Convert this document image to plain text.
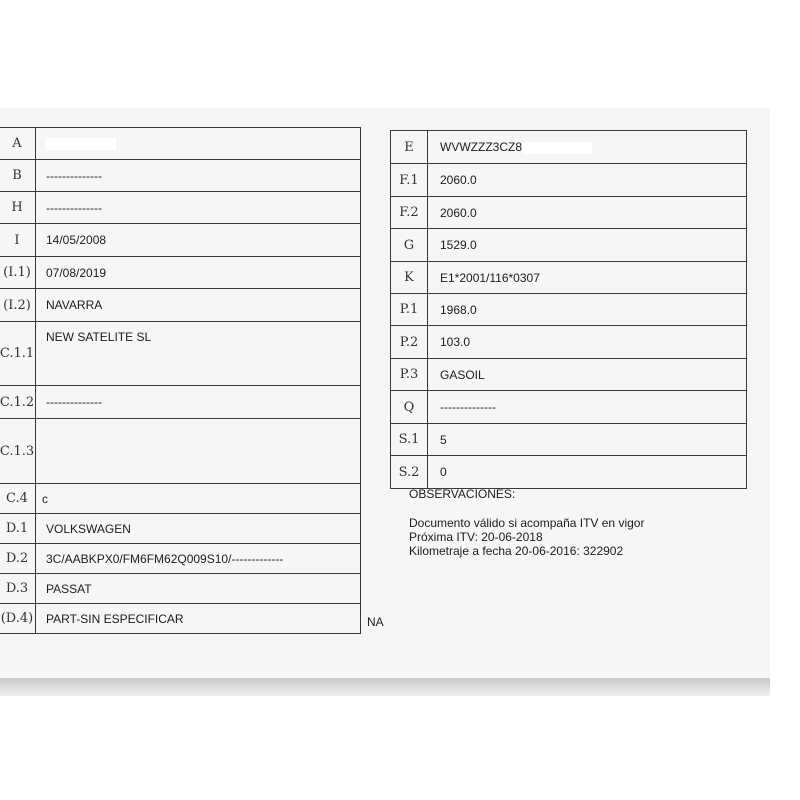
A	
B	--------------
H	--------------
I	14/05/2008
(I.1)	07/08/2019
(I.2)	NAVARRA
C.1.1	NEW SATELITE SL
C.1.2	--------------
C.1.3	
C.4	c
D.1	VOLKSWAGEN
D.2	3C/AABKPX0/FM6FM62Q009S10/-------------
D.3	PASSAT
(D.4)	PART-SIN ESPECIFICAR
E	WVWZZZ3CZ8
F.1	2060.0
F.2	2060.0
G	1529.0
K	E1*2001/116*0307
P.1	1968.0
P.2	103.0
P.3	GASOIL
Q	--------------
S.1	5
S.2	0
OBSERVACIONES:
Documento válido si acompaña ITV en vigor
Próxima ITV: 20-06-2018
Kilometraje a fecha 20-06-2016: 322902
NA
